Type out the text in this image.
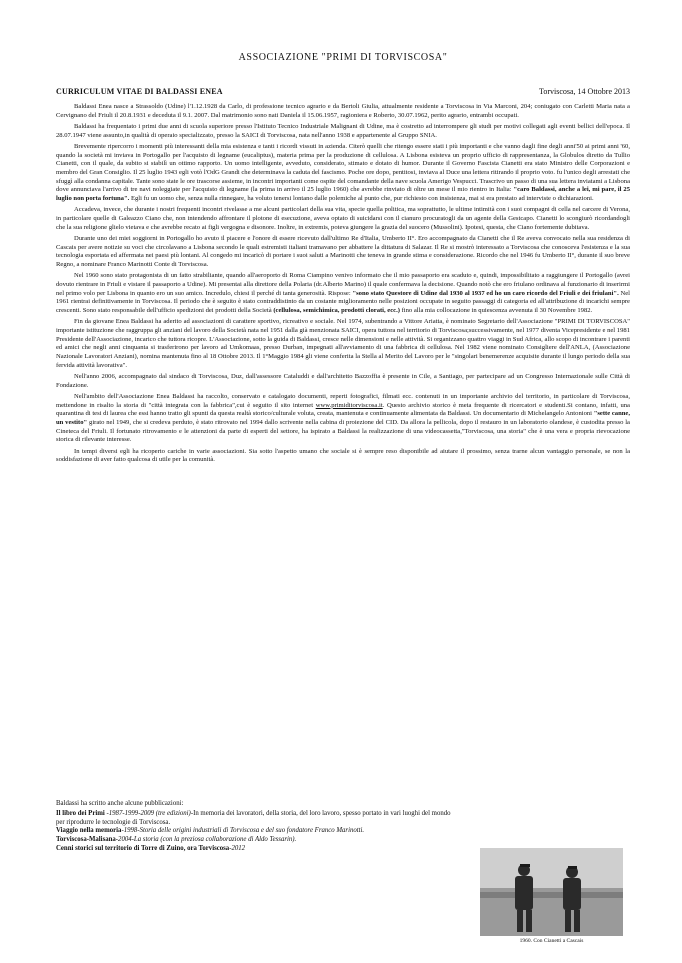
ASSOCIAZIONE "PRIMI DI TORVISCOSA"
CURRICULUM VITAE DI BALDASSI ENEA	Torviscosa, 14 Ottobre 2013

Baldassi Enea nasce a Strassoldo (Udine) l'1.12.1928 da Carlo, di professione tecnico agrario e da Bertoli Giulia, attualmente residente a Torviscosa in Via Marconi, 204; coniugato con Carletti Maria nata a Cervignano del Friuli il 20.8.1931 e deceduta il 9.1. 2007. Dal matrimonio sono nati Daniela il 15.06.1957, ragioniera e Roberto, 30.07.1962, perito agrario, entrambi occupati.

Baldassi ha frequentato i primi due anni di scuola superiore presso l'Istituto Tecnico Industriale Malignani di Udine, ma è costretto ad interrompere gli studi per motivi collegati agli eventi bellici dell'epoca. Il 28.07.1947 viene assunto,in qualità di operaio specializzato, presso la SAICI di Torviscosa, nata nell'anno 1938 e appartenente al Gruppo SNIA.

Brevemente ripercorro i momenti più interessanti della mia esistenza e tanti i ricordi vissuti in azienda. Citerò quelli che ritengo essere stati i più importanti e che vanno dagli fine degli anni'50 ai primi anni '60, quando la società mi inviava in Portogallo per l'acquisto di legname (eucaliptus), materia prima per la produzione di cellulosa. A Lisbona esisteva un proprio ufficio di rappresentanza, la Globulos diretto da Tullio Cianetti, con il quale, da subito si stabilì un ottimo rapporto. Un uomo intelligente, avveduto, considerato, stimato e dotato di humor. Durante il Governo Fascista Cianetti era stato Ministro delle Corporazioni e membro del Gran Consiglio. Il 25 luglio 1943 egli votò l'OdG Grandi che determinava la caduta del fascismo. Poche ore dopo, pentitosi, inviava al Duce una lettera ritirando il proprio voto. fu l'unico degli arrestati che sfuggì alla condanna capitale. Tante sono state le ore trascorse assieme, in incontri importanti come ospite del comandante della nave scuola Amerigo Vespucci. Trascrivo un passo di una sua lettera inviatami a Lisbona dove annunciava l'arrivo di tre navi noleggiate per l'acquisto di legname (la prima in arrivo il 25 luglio 1960) che avrebbe rinviato di oltre un mese il mio rientro in Italia: "caro Baldassi, anche a lei, mi pare, il 25 luglio non porta fortuna". Egli fu un uomo che, senza nulla rinnegare, ha voluto tenersi lontano dalle polemiche al punto che, pur richiesto con insistenza, mai si era prestato ad interviste o dichiarazioni.

Accadeva, invece, che durante i nostri frequenti incontri rivelasse a me alcuni particolari della sua vita, specie quella politica, ma soprattutto, le ultime intimità con i suoi compagni di cella nel carcere di Verona, in particolare quelle di Galeazzo Ciano che, non intendendo affrontare il plotone di esecuzione, aveva optato di suicidarsi con il cianuro procuratogli da un agente della Gestcapo. Cianetti lo scongiurò ricordandogli che la sua religione glielo vietava e che avrebbe recato ai figli vergogna e disonore. Inoltre, in extremis, poteva giungere la grazia del suocero (Mussolini). Ipotesi, questa, che Ciano fortemente dubitava.

Durante uno dei miei soggiorni in Portogallo ho avuto il piacere e l'onore di essere ricevuto dall'ultimo Re d'Italia, Umberto II°. Ero accompagnato da Cianetti che il Re aveva convocato nella sua residenza di Cascais per avere notizie su voci che circolavano a Lisbona secondo le quali estremisti italiani tramavano per abbattere la dittatura di Salazar. Il Re si mostrò interessato a Torviscosa che conosceva l'esistenza e la sua tecnologia esportata ed affermata nei paesi più lontani. Al congedo mi incaricò di portare i suoi saluti a Marinotti che teneva in grande stima e considerazione. Ricordo che nel 1946 fu Umberto II°, durante il suo breve Regno, a nominare Franco Marinotti Conte di Torviscosa.

Nel 1960 sono stato protagonista di un fatto strabiliante, quando all'aeroporto di Roma Ciampino venivo informato che il mio passaporto era scaduto e, quindi, impossibilitato a raggiungere il Portogallo (avrei dovuto rientrare in Friuli e vistare il passaporto a Udine). Mi presentai alla direttore della Polaria (dr.Alberto Marino) il quale confermava la decisione. Quando notò che ero friulano ordinava al funzionario di inserirmi nel primo volo per Lisbona in quanto ero un suo amico. Incredulo, chiesi il perché di tanta generosità. Rispose: "sono stato Questore di Udine dal 1930 al 1937 ed ho un caro ricordo del Friuli e dei friulani". Nel 1961 rientrai definitivamente in Torviscosa. Il periodo che è seguito è stato contraddistinto da un costante miglioramento nelle posizioni occupate in seguito passaggi di categoria ed all'attribuzione di incarichi sempre crescenti. Sono stato responsabile dell'ufficio spedizioni dei prodotti della Società (cellulosa, semichimica, prodotti clorati, ecc.) fino alla mia collocazione in quiescenza avvenuta il 30 Novembre 1982.

Fin da giovane Enea Baldassi ha aderito ad associazioni di carattere sportivo, ricreativo e sociale. Nel 1974, subentrando a Vittore Ariatta, è nominato Segretario dell'Associazione "PRIMI DI TORVISCOSA" importante istituzione che raggruppa gli anziani del lavoro della Società nata nel 1951 dalla già menzionata SAICI, opera tuttora nel territorio di Torviscosa;successivamente, nel 1977 diventa Vicepresidente e nel 1981 Presidente dell'Associazione, incarico che tuttora ricopre. L'Associazione, sotto la guida di Baldassi, cresce nelle dimensioni e nelle attività. Si organizzano quattro viaggi in Sud Africa, allo scopo di incontrare i parenti ed amici che negli anni cinquanta si trasferirono per lavoro ad Umkomaas, presso Durban, impegnati all'avviamento di una fabbrica di cellulosa. Nel 1982 viene nominato Consigliere dell'ANLA, (Associazione Nazionale Lavoratori Anziani), nomina mantenuta fino al 18 Ottobre 2013. Il 1°Maggio 1984 gli viene conferita la Stella al Merito del Lavoro per le "singolari benemerenze acquisite durante il lungo periodo della sua fervida attività lavorativa".

Nell'anno 2006, accompagnato dal sindaco di Torviscosa, Duz, dall'assessore Cataluddi e dall'architetto Bazzoffia è presente in Cile, a Santiago, per partecipare ad un Congresso Internazionale sulle Città di Fondazione.

Nell'ambito dell'Associazione Enea Baldassi ha raccolto, conservato e catalogato documenti, reperti fotografici, filmati ecc. contenuti in un importante archivio del territorio, in particolare di Torviscosa, mettendone in risalto la storia di "città integrata con la fabbrica",cui è seguito il sito internet www.primiditorviscosa.it. Questo archivio storico è meta frequente di ricercatori e studenti.Si contano, infatti, una quarantina di tesi di laurea che essi hanno tratto gli spunti da questa realtà storico/culturale voluta, creata, mantenuta e continuamente alimentata da Baldassi. Un documentario di Michelangelo Antonioni "sette canne, un vestito" girato nel 1949, che si credeva perduto, è stato ritrovato nel 1994 dallo scrivente nella cabina di proiezione del CID. Da allora la pellicola, dopo il restauro in un laboratorio olandese, è custodita presso la Cineteca del Friuli. Il fortunato ritrovamento e le attenzioni da parte di esperti del settore, ha ispirato a Baldassi la realizzazione di una videocassetta,"Torviscosa, una storia" che è una vera e propria rievocazione storica di rilevante interesse.

In tempi diversi egli ha ricoperto cariche in varie associazioni. Sia sotto l'aspetto umano che sociale si è sempre reso disponibile ad aiutare il prossimo, senza trarne alcun vantaggio personale, se non la soddisfazione di aver fatto qualcosa di utile per la comunità.

Baldassi ha scritto anche alcune pubblicazioni:
Il libro dei Primi -1987-1999-2009 (tre edizioni)-In memoria dei lavoratori, della storia, del loro lavoro, spesso portato in vari luoghi del mondo per riprodurre le tecnologie di Torviscosa.
Viaggio nella memoria-1998-Storia delle origini industriali di Torviscosa e del suo fondatore Franco Marinotti.
Torviscosa-Malisana-2004-La storia (con la preziosa collaborazione di Aldo Tessarin).
Cenni storici sul territorio di Torre di Zuino, ora Torviscosa-2012
1960. Con Cianetti a Cascais
